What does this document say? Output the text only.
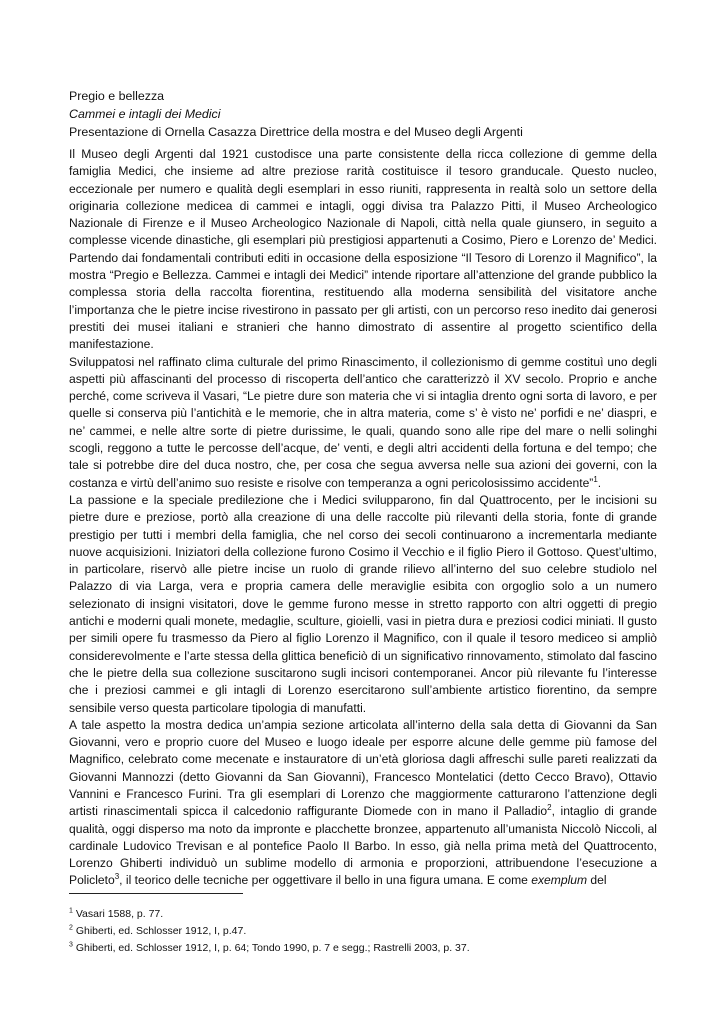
Pregio e bellezza
Cammei e intagli dei Medici
Presentazione di Ornella Casazza Direttrice della mostra e del Museo degli Argenti

Il Museo degli Argenti dal 1921 custodisce una parte consistente della ricca collezione di gemme della famiglia Medici, che insieme ad altre preziose rarità costituisce il tesoro granducale. Questo nucleo, eccezionale per numero e qualità degli esemplari in esso riuniti, rappresenta in realtà solo un settore della originaria collezione medicea di cammei e intagli, oggi divisa tra Palazzo Pitti, il Museo Archeologico Nazionale di Firenze e il Museo Archeologico Nazionale di Napoli, città nella quale giunsero, in seguito a complesse vicende dinastiche, gli esemplari più prestigiosi appartenuti a Cosimo, Piero e Lorenzo de’ Medici. Partendo dai fondamentali contributi editi in occasione della esposizione “Il Tesoro di Lorenzo il Magnifico”, la mostra “Pregio e Bellezza. Cammei e intagli dei Medici” intende riportare all’attenzione del grande pubblico la complessa storia della raccolta fiorentina, restituendo alla moderna sensibilità del visitatore anche l’importanza che le pietre incise rivestirono in passato per gli artisti, con un percorso reso inedito dai generosi prestiti dei musei italiani e stranieri che hanno dimostrato di assentire al progetto scientifico della manifestazione.

Sviluppatosi nel raffinato clima culturale del primo Rinascimento, il collezionismo di gemme costituì uno degli aspetti più affascinanti del processo di riscoperta dell’antico che caratterizzò il XV secolo. Proprio e anche perché, come scriveva il Vasari, “Le pietre dure son materia che vi si intaglia drento ogni sorta di lavoro, e per quelle si conserva più l’antichità e le memorie, che in altra materia, come s’ è visto ne’ porfidi e ne’ diaspri, e ne’ cammei, e nelle altre sorte di pietre durissime, le quali, quando sono alle ripe del mare o nelli solinghi scogli, reggono a tutte le percosse dell’acque, de’ venti, e degli altri accidenti della fortuna e del tempo; che tale si potrebbe dire del duca nostro, che, per cosa che segua avversa nelle sua azioni dei governi, con la costanza e virtù dell’animo suo resiste e risolve con temperanza a ogni pericolosissimo accidente”$^1$.

La passione e la speciale predilezione che i Medici svilupparono, fin dal Quattrocento, per le incisioni su pietre dure e preziose, portò alla creazione di una delle raccolte più rilevanti della storia, fonte di grande prestigio per tutti i membri della famiglia, che nel corso dei secoli continuarono a incrementarla mediante nuove acquisizioni. Iniziatori della collezione furono Cosimo il Vecchio e il figlio Piero il Gottoso. Quest’ultimo, in particolare, riservò alle pietre incise un ruolo di grande rilievo all’interno del suo celebre studiolo nel Palazzo di via Larga, vera e propria camera delle meraviglie esibita con orgoglio solo a un numero selezionato di insigni visitatori, dove le gemme furono messe in stretto rapporto con altri oggetti di pregio antichi e moderni quali monete, medaglie, sculture, gioielli, vasi in pietra dura e preziosi codici miniati. Il gusto per simili opere fu trasmesso da Piero al figlio Lorenzo il Magnifico, con il quale il tesoro mediceo si ampliò considerevolmente e l’arte stessa della glittica beneficiò di un significativo rinnovamento, stimolato dal fascino che le pietre della sua collezione suscitarono sugli incisori contemporanei. Ancor più rilevante fu l’interesse che i preziosi cammei e gli intagli di Lorenzo esercitarono sull’ambiente artistico fiorentino, da sempre sensibile verso questa particolare tipologia di manufatti.

A tale aspetto la mostra dedica un’ampia sezione articolata all’interno della sala detta di Giovanni da San Giovanni, vero e proprio cuore del Museo e luogo ideale per esporre alcune delle gemme più famose del Magnifico, celebrato come mecenate e instauratore di un’età gloriosa dagli affreschi sulle pareti realizzati da Giovanni Mannozzi (detto Giovanni da San Giovanni), Francesco Montelatici (detto Cecco Bravo), Ottavio Vannini e Francesco Furini. Tra gli esemplari di Lorenzo che maggiormente catturarono l’attenzione degli artisti rinascimentali spicca il calcedonio raffigurante Diomede con in mano il Palladio$^2$, intaglio di grande qualità, oggi disperso ma noto da impronte e placchette bronzee, appartenuto all’umanista Niccolò Niccoli, al cardinale Ludovico Trevisan e al pontefice Paolo II Barbo. In esso, già nella prima metà del Quattrocento, Lorenzo Ghiberti individuò un sublime modello di armonia e proporzioni, attribuendone l’esecuzione a Policleto$^3$, il teorico delle tecniche per oggettivare il bello in una figura umana. E come exemplum del

$^1$ Vasari 1588, p. 77.
$^2$ Ghiberti, ed. Schlosser 1912, I, p.47.
$^3$ Ghiberti, ed. Schlosser 1912, I, p. 64; Tondo 1990, p. 7 e segg.; Rastrelli 2003, p. 37.
